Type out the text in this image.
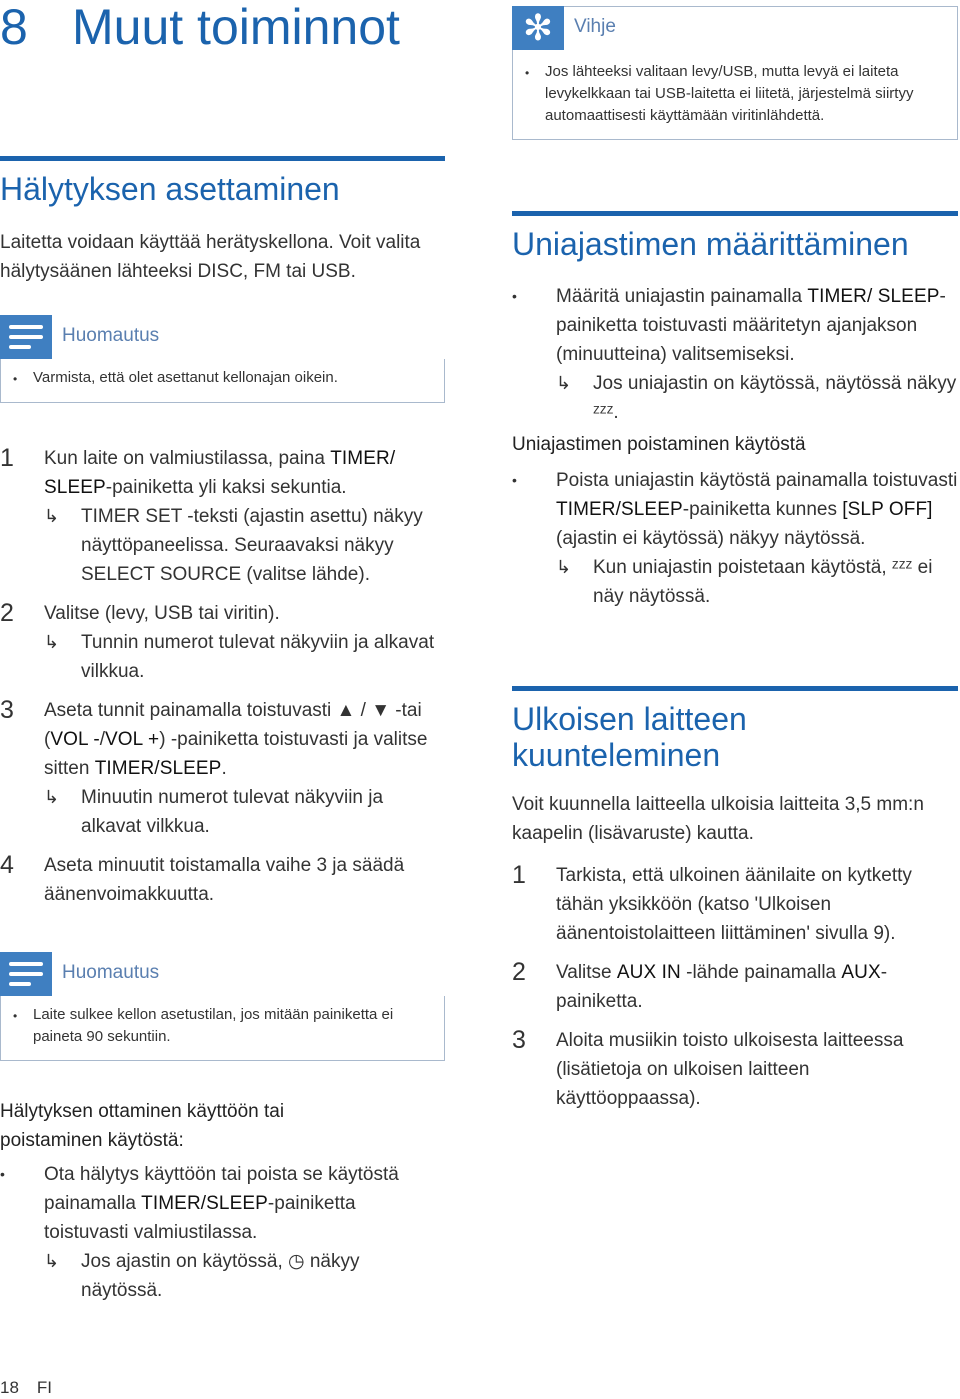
8 Muut toiminnot
Hälytyksen asettaminen

Laitetta voidaan käyttää herätyskellona. Voit valita hälytysäänen lähteeksi DISC, FM tai USB.

Huomautus
•	Varmista, että olet asettanut kellonajan oikein.
1	Kun laite on valmiustilassa, paina TIMER/ SLEEP-painiketta yli kaksi sekuntia.
↳	TIMER SET -teksti (ajastin asettu) näkyy näyttöpaneelissa. Seuraavaksi näkyy SELECT SOURCE (valitse lähde).
2	Valitse (levy, USB tai viritin).
↳	Tunnin numerot tulevat näkyviin ja alkavat vilkkua.
3	Aseta tunnit painamalla toistuvasti ▲ / ▼ -tai (VOL -/VOL +) -painiketta toistuvasti ja valitse sitten TIMER/SLEEP.
↳	Minuutin numerot tulevat näkyviin ja alkavat vilkkua.
4	Aseta minuutit toistamalla vaihe 3 ja säädä äänenvoimakkuutta.
Huomautus
•	Laite sulkee kellon asetustilan, jos mitään painiketta ei paineta 90 sekuntiin.
Hälytyksen ottaminen käyttöön tai poistaminen käytöstä:
•	Ota hälytys käyttöön tai poista se käytöstä painamalla TIMER/SLEEP-painiketta toistuvasti valmiustilassa.
↳	Jos ajastin on käytössä, ◷ näkyy näytössä.
✻	Vihje
•	Jos lähteeksi valitaan levy/USB, mutta levyä ei laiteta levykelkkaan tai USB-laitetta ei liitetä, järjestelmä siirtyy automaattisesti käyttämään viritinlähdettä.
Uniajastimen määrittäminen
•	Määritä uniajastin painamalla TIMER/ SLEEP-painiketta toistuvasti määritetyn ajanjakson (minuutteina) valitsemiseksi.
↳	Jos uniajastin on käytössä, näytössä näkyy ᶻᶻᶻ.
Uniajastimen poistaminen käytöstä
•	Poista uniajastin käytöstä painamalla toistuvasti TIMER/SLEEP-painiketta kunnes [SLP OFF] (ajastin ei käytössä) näkyy näytössä.
↳	Kun uniajastin poistetaan käytöstä, ᶻᶻᶻ ei näy näytössä.
Ulkoisen laitteen kuunteleminen

Voit kuunnella laitteella ulkoisia laitteita 3,5 mm:n kaapelin (lisävaruste) kautta.

1	Tarkista, että ulkoinen äänilaite on kytketty tähän yksikköön (katso 'Ulkoisen äänentoistolaitteen liittäminen' sivulla 9).
2	Valitse AUX IN -lähde painamalla AUX-painiketta.
3	Aloita musiikin toisto ulkoisesta laitteessa (lisätietoja on ulkoisen laitteen käyttöoppaassa).
18 FI
